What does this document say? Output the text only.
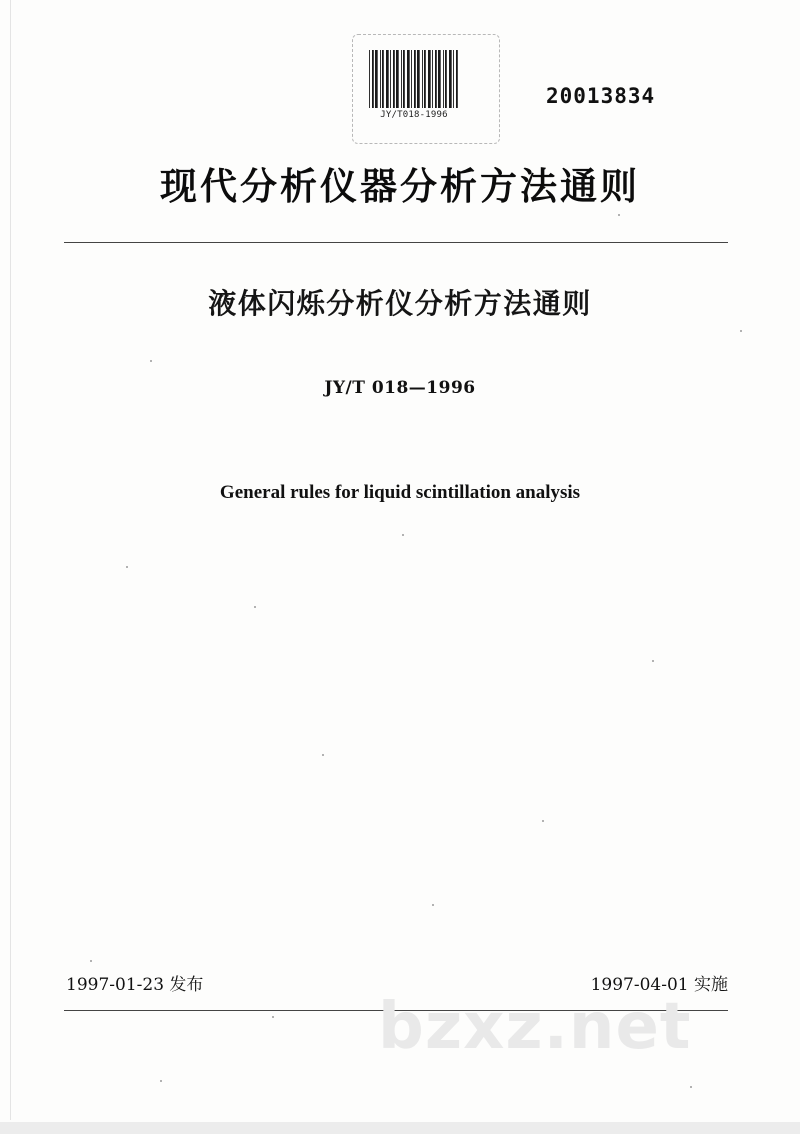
JY/T018-1996
20013834
现代分析仪器分析方法通则
液体闪烁分析仪分析方法通则
JY/T 018—1996
General rules for liquid scintillation analysis
1997-01-23 发布	1997-04-01 实施
bzxz.net
